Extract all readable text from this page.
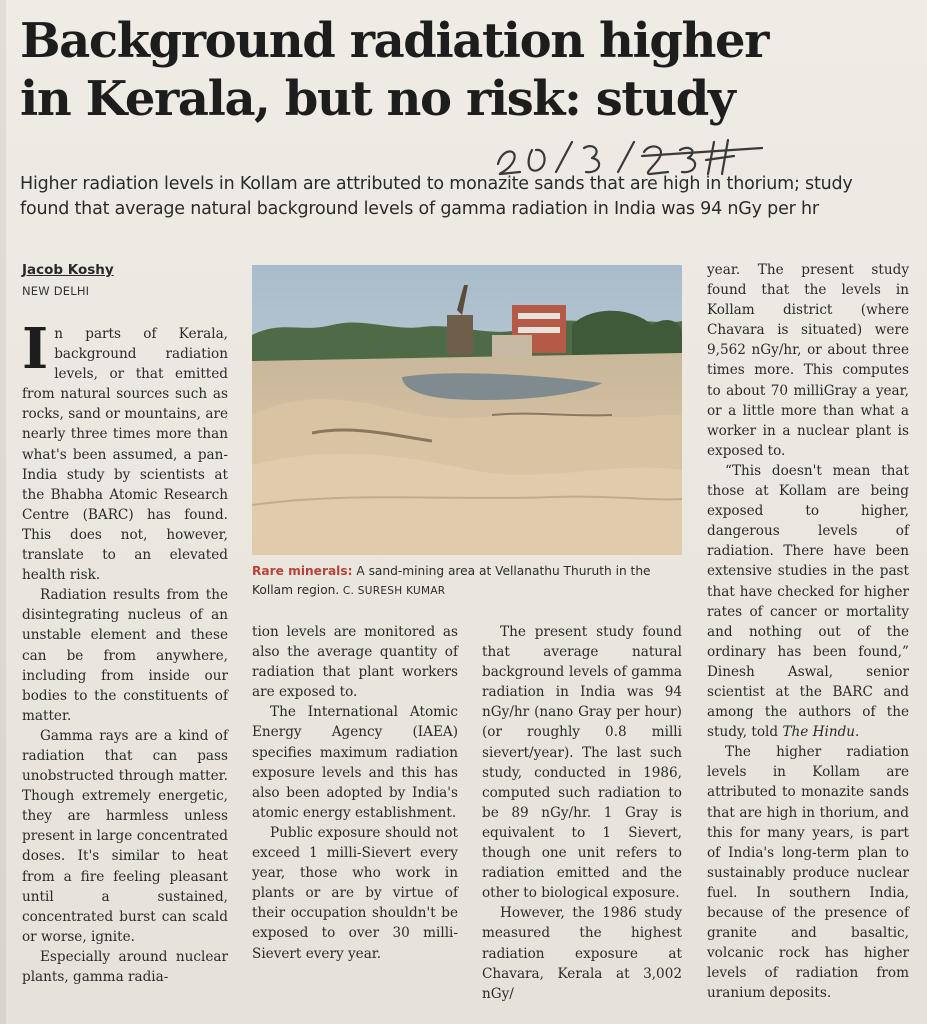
Background radiation higher
in Kerala, but no risk: study
20/3/23 H
Higher radiation levels in Kollam are attributed to monazite sands that are high in thorium; study found that average natural background levels of gamma radiation in India was 94 nGy per hr
Jacob Koshy
NEW DELHI

In parts of Kerala, background radiation levels, or that emitted from natural sources such as rocks, sand or mountains, are nearly three times more than what's been assumed, a pan-India study by scientists at the Bhabha Atomic Research Centre (BARC) has found. This does not, however, translate to an elevated health risk.

Radiation results from the disintegrating nucleus of an unstable element and these can be from anywhere, including from inside our bodies to the constituents of matter.

Gamma rays are a kind of radiation that can pass unobstructed through matter. Though extremely energetic, they are harmless unless present in large concentrated doses. It's similar to heat from a fire feeling pleasant until a sustained, concentrated burst can scald or worse, ignite.

Especially around nuclear plants, gamma radia-

Rare minerals: A sand-mining area at Vellanathu Thuruth in the Kollam region. C. SURESH KUMAR

tion levels are monitored as also the average quantity of radiation that plant workers are exposed to.

The International Atomic Energy Agency (IAEA) specifies maximum radiation exposure levels and this has also been adopted by India's atomic energy establishment.

Public exposure should not exceed 1 milli-Sievert every year, those who work in plants or are by virtue of their occupation shouldn't be exposed to over 30 milli-Sievert every year.

The present study found that average natural background levels of gamma radiation in India was 94 nGy/hr (nano Gray per hour) (or roughly 0.8 milli sievert/year). The last such study, conducted in 1986, computed such radiation to be 89 nGy/hr. 1 Gray is equivalent to 1 Sievert, though one unit refers to radiation emitted and the other to biological exposure.

However, the 1986 study measured the highest radiation exposure at Chavara, Kerala at 3,002 nGy/

year. The present study found that the levels in Kollam district (where Chavara is situated) were 9,562 nGy/hr, or about three times more. This computes to about 70 milliGray a year, or a little more than what a worker in a nuclear plant is exposed to.

“This doesn't mean that those at Kollam are being exposed to higher, dangerous levels of radiation. There have been extensive studies in the past that have checked for higher rates of cancer or mortality and nothing out of the ordinary has been found,” Dinesh Aswal, senior scientist at the BARC and among the authors of the study, told The Hindu.

The higher radiation levels in Kollam are attributed to monazite sands that are high in thorium, and this for many years, is part of India's long-term plan to sustainably produce nuclear fuel. In southern India, because of the presence of granite and basaltic, volcanic rock has higher levels of radiation from uranium deposits.
